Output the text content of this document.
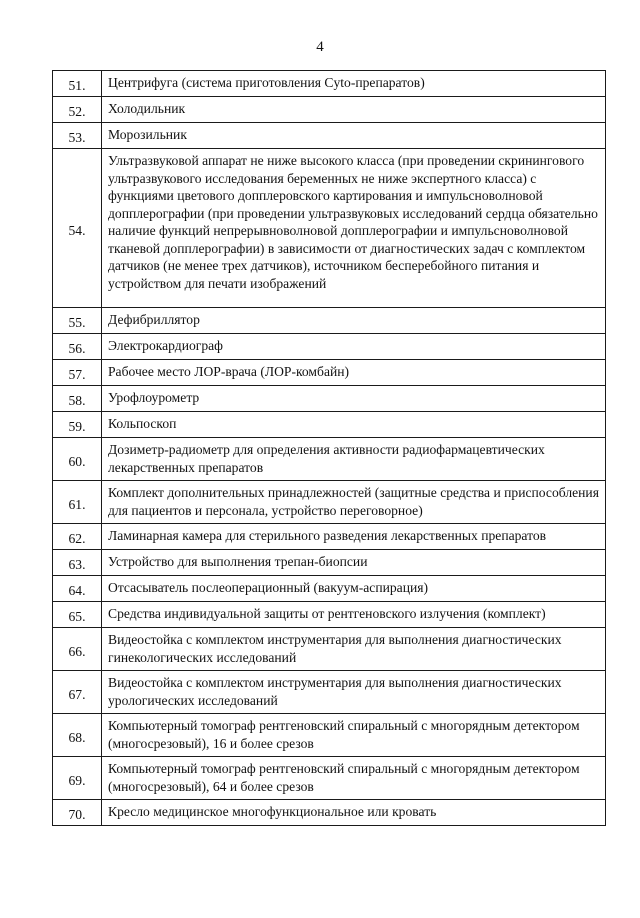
4
51.	Центрифуга (система приготовления Cyto-препаратов)
52.	Холодильник
53.	Морозильник
54.	Ультразвуковой аппарат не ниже высокого класса (при проведении скринингового ультразвукового исследования беременных не ниже экспертного класса) с функциями цветового допплеровского картирования и импульсноволновой допплерографии (при проведении ультразвуковых исследований сердца обязательно наличие функций непрерывноволновой допплерографии и импульсноволновой тканевой допплерографии) в зависимости от диагностических задач с комплектом датчиков (не менее трех датчиков), источником бесперебойного питания и устройством для печати изображений
55.	Дефибриллятор
56.	Электрокардиограф
57.	Рабочее место ЛОР-врача (ЛОР-комбайн)
58.	Урофлоурометр
59.	Кольпоскоп
60.	Дозиметр-радиометр для определения активности радиофармацевтических лекарственных препаратов
61.	Комплект дополнительных принадлежностей (защитные средства и приспособления для пациентов и персонала, устройство переговорное)
62.	Ламинарная камера для стерильного разведения лекарственных препаратов
63.	Устройство для выполнения трепан-биопсии
64.	Отсасыватель послеоперационный (вакуум-аспирация)
65.	Средства индивидуальной защиты от рентгеновского излучения (комплект)
66.	Видеостойка с комплектом инструментария для выполнения диагностических гинекологических исследований
67.	Видеостойка с комплектом инструментария для выполнения диагностических урологических исследований
68.	Компьютерный томограф рентгеновский спиральный с многорядным детектором (многосрезовый), 16 и более срезов
69.	Компьютерный томограф рентгеновский спиральный с многорядным детектором (многосрезовый), 64 и более срезов
70.	Кресло медицинское многофункциональное или кровать
